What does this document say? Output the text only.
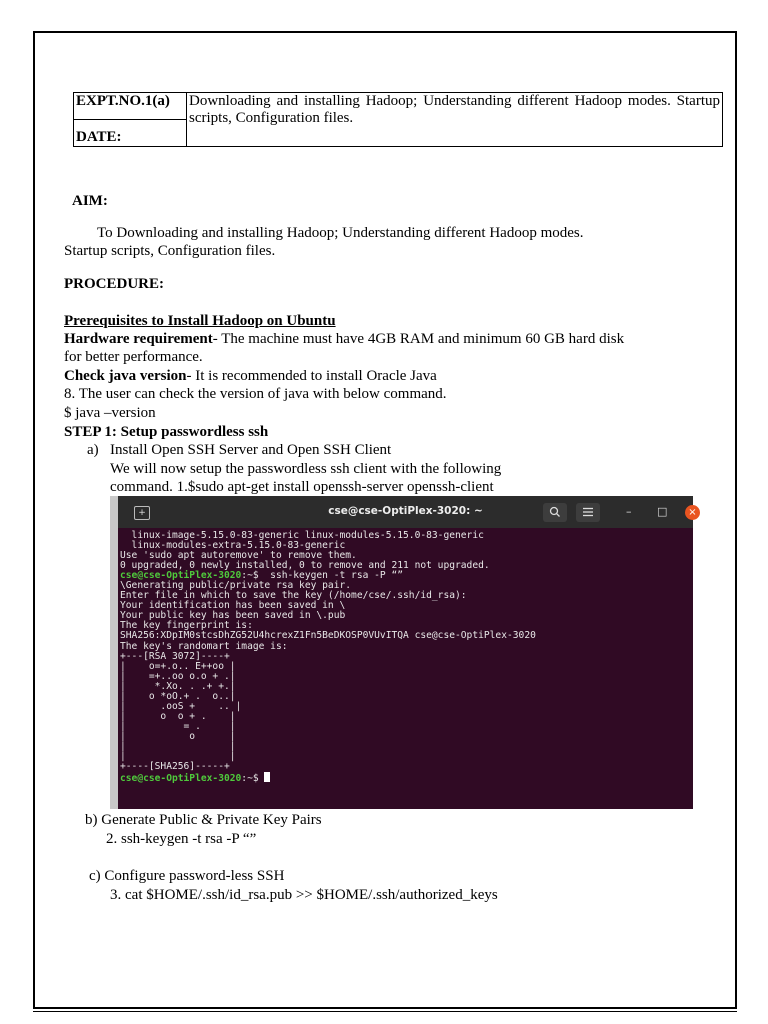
EXPT.NO.1(a)	Downloading and installing Hadoop; Understanding different Hadoop modes. Startup scripts, Configuration files.
DATE:
AIM:
To Downloading and installing Hadoop; Understanding different Hadoop modes.
Startup scripts, Configuration files.
PROCEDURE:
Prerequisites to Install Hadoop on Ubuntu
Hardware requirement- The machine must have 4GB RAM and minimum 60 GB hard disk
for better performance.
Check java version- It is recommended to install Oracle Java
8. The user can check the version of java with below command.
$ java –version
STEP 1: Setup passwordless ssh
a) Install Open SSH Server and Open SSH Client
We will now setup the passwordless ssh client with the following
command. 1.$sudo apt-get install openssh-server openssh-client
+	cse@cse-OptiPlex-3020: ~	– □	×
linux-image-5.15.0-83-generic linux-modules-5.15.0-83-generic
linux-modules-extra-5.15.0-83-generic
Use 'sudo apt autoremove' to remove them.
0 upgraded, 0 newly installed, 0 to remove and 211 not upgraded.
cse@cse-OptiPlex-3020:~$  ssh-keygen -t rsa -P “”
\Generating public/private rsa key pair.
Enter file in which to save the key (/home/cse/.ssh/id_rsa):
Your identification has been saved in \
Your public key has been saved in \.pub
The key fingerprint is:
SHA256:XDpIM0stcsDhZG52U4hcrexZ1Fn5BeDKOSP0VUvITQA cse@cse-OptiPlex-3020
The key's randomart image is:
+---[RSA 3072]----+
|    o=+.o.. E++oo |
|    =+..oo o.o + .|
|     *.Xo. . .+ +.|
|    o *oO.+ .  o..|
|      .ooS +    .. |
|      o  o + .    |
|          = .     |
|           o      |
|                  |
|                  |
+----[SHA256]-----+
cse@cse-OptiPlex-3020:~$
b) Generate Public & Private Key Pairs
2. ssh-keygen -t rsa -P “”
c) Configure password-less SSH
3. cat $HOME/.ssh/id_rsa.pub >> $HOME/.ssh/authorized_keys
